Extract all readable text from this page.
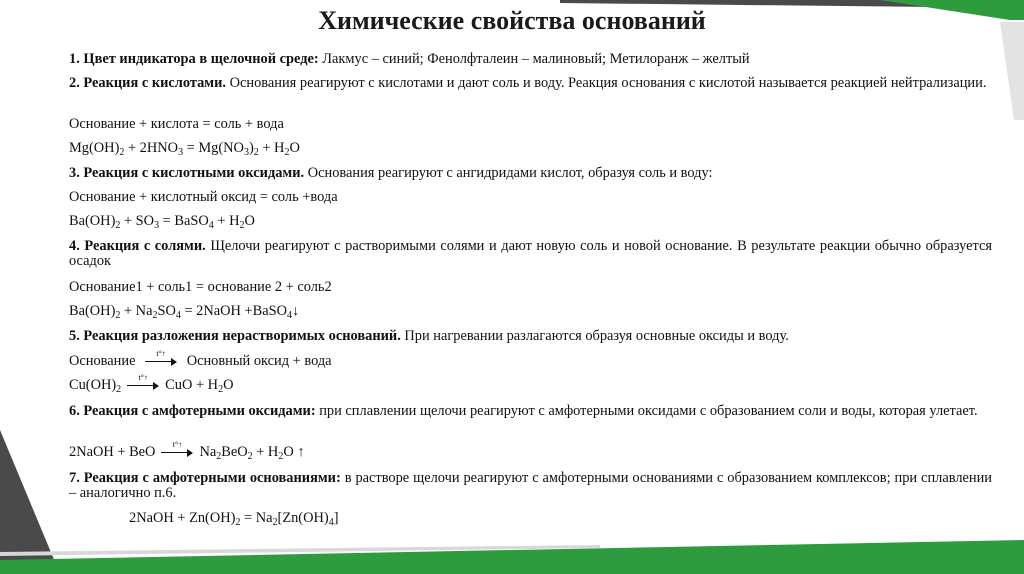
Химические свойства оснований
1. Цвет индикатора в щелочной среде: Лакмус – синий; Фенолфталеин – малиновый; Метилоранж – желтый
2. Реакция с кислотами. Основания реагируют с кислотами и дают соль и воду. Реакция основания с кислотой называется реакцией нейтрализации.
Основание + кислота = соль + вода
$Mg(OH)_2 + 2HNO_3 = Mg(NO_3)_2 + H_2O$
3. Реакция с кислотными оксидами. Основания реагируют с ангидридами кислот, образуя соль и воду:
Основание + кислотный оксид = соль +вода
$Ba(OH)_2 + SO_3$ = BaSO$_4$ + $H_2O$
4. Реакция с солями. Щелочи реагируют с растворимыми солями и дают новую соль и новой основание. В результате реакции обычно образуется осадок
Основание1 + соль1 = основание 2 + соль2
$Ba(OH)_2 + Na_2SO_4$ = 2NaOH +BaSO$_4$↓
5. Реакция разложения нерастворимых оснований. При нагревании разлагаются образуя основные оксиды и воду.
Основание	t°↑	Основный оксид + вода
$Cu(OH)_2$
t°↑	CuO + $H_2O$
6. Реакция с амфотерными оксидами: при сплавлении щелочи реагируют с амфотерными оксидами с образованием соли и воды, которая улетает.
2NaOH + BeO	t°↑	$Na_2BeO_2 + H_2O$ ↑
7. Реакция с амфотерными основаниями: в растворе щелочи реагируют с амфотерными основаниями с образованием комплексов; при сплавлении – аналогично п.6.
2NaOH + $Zn(OH)_2 = Na_2[Zn(OH)_4]$
